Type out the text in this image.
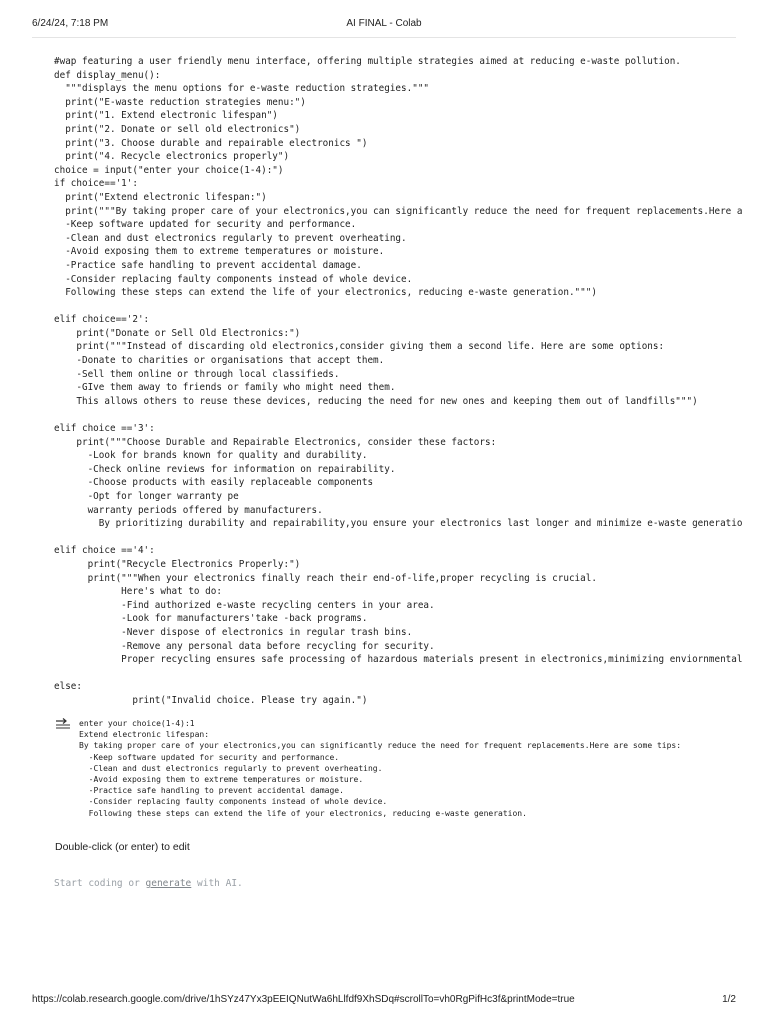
6/24/24, 7:18 PM	AI FINAL - Colab
#wap featuring a user friendly menu interface, offering multiple strategies aimed at reducing e-waste pollution.
def display_menu():
"""displays the menu options for e-waste reduction strategies."""
print("E-waste reduction strategies menu:")
print("1. Extend electronic lifespan")
print("2. Donate or sell old electronics")
print("3. Choose durable and repairable electronics ")
print("4. Recycle electronics properly")
choice = input("enter your choice(1-4):")
if choice=='1':
print("Extend electronic lifespan:")
print("""By taking proper care of your electronics,you can significantly reduce the need for frequent replacements.Here a
-Keep software updated for security and performance.
-Clean and dust electronics regularly to prevent overheating.
-Avoid exposing them to extreme temperatures or moisture.
-Practice safe handling to prevent accidental damage.
-Consider replacing faulty components instead of whole device.
Following these steps can extend the life of your electronics, reducing e-waste generation.""")
elif choice=='2':
print("Donate or Sell Old Electronics:")
print("""Instead of discarding old electronics,consider giving them a second life. Here are some options:
-Donate to charities or organisations that accept them.
-Sell them online or through local classifieds.
-GIve them away to friends or family who might need them.
This allows others to reuse these devices, reducing the need for new ones and keeping them out of landfills""")
elif choice =='3':
print("""Choose Durable and Repairable Electronics, consider these factors:
-Look for brands known for quality and durability.
-Check online reviews for information on repairability.
-Choose products with easily replaceable components
-Opt for longer warranty pe
warranty periods offered by manufacturers.
By prioritizing durability and repairability,you ensure your electronics last longer and minimize e-waste generatio
elif choice =='4':
print("Recycle Electronics Properly:")
print("""When your electronics finally reach their end-of-life,proper recycling is crucial.
Here's what to do:
-Find authorized e-waste recycling centers in your area.
-Look for manufacturers'take -back programs.
-Never dispose of electronics in regular trash bins.
-Remove any personal data before recycling for security.
Proper recycling ensures safe processing of hazardous materials present in electronics,minimizing enviornmental
else:
print("Invalid choice. Please try again.")
enter your choice(1-4):1
Extend electronic lifespan:
By taking proper care of your electronics,you can significantly reduce the need for frequent replacements.Here are some tips:
-Keep software updated for security and performance.
-Clean and dust electronics regularly to prevent overheating.
-Avoid exposing them to extreme temperatures or moisture.
-Practice safe handling to prevent accidental damage.
-Consider replacing faulty components instead of whole device.
Following these steps can extend the life of your electronics, reducing e-waste generation.
Double-click (or enter) to edit
Start coding or generate with AI.
https://colab.research.google.com/drive/1hSYz47Yx3pEEIQNutWa6hLlfdf9XhSDq#scrollTo=vh0RgPifHc3f&printMode=true	1/2
